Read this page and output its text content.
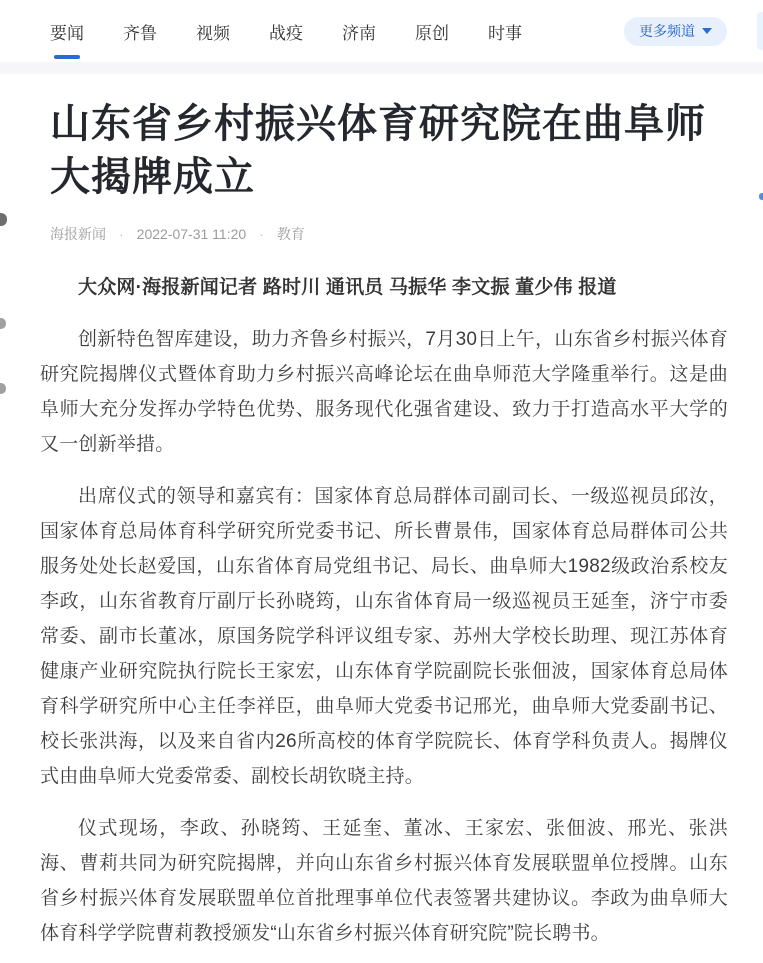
要闻 齐鲁 视频 战疫 济南 原创 时事	更多频道
山东省乡村振兴体育研究院在曲阜师大揭牌成立
海报新闻 · 2022-07-31 11:20 · 教育

大众网·海报新闻记者 路时川 通讯员 马振华 李文振 董少伟 报道

创新特色智库建设，助力齐鲁乡村振兴，7月30日上午，山东省乡村振兴体育研究院揭牌仪式暨体育助力乡村振兴高峰论坛在曲阜师范大学隆重举行。这是曲阜师大充分发挥办学特色优势、服务现代化强省建设、致力于打造高水平大学的又一创新举措。

出席仪式的领导和嘉宾有：国家体育总局群体司副司长、一级巡视员邱汝，国家体育总局体育科学研究所党委书记、所长曹景伟，国家体育总局群体司公共服务处处长赵爱国，山东省体育局党组书记、局长、曲阜师大1982级政治系校友李政，山东省教育厅副厅长孙晓筠，山东省体育局一级巡视员王延奎，济宁市委常委、副市长董冰，原国务院学科评议组专家、苏州大学校长助理、现江苏体育健康产业研究院执行院长王家宏，山东体育学院副院长张佃波，国家体育总局体育科学研究所中心主任李祥臣，曲阜师大党委书记邢光，曲阜师大党委副书记、校长张洪海，以及来自省内26所高校的体育学院院长、体育学科负责人。揭牌仪式由曲阜师大党委常委、副校长胡钦晓主持。

仪式现场，李政、孙晓筠、王延奎、董冰、王家宏、张佃波、邢光、张洪海、曹莉共同为研究院揭牌，并向山东省乡村振兴体育发展联盟单位授牌。山东省乡村振兴体育发展联盟单位首批理事单位代表签署共建协议。李政为曲阜师大体育科学学院曹莉教授颁发“山东省乡村振兴体育研究院”院长聘书。
